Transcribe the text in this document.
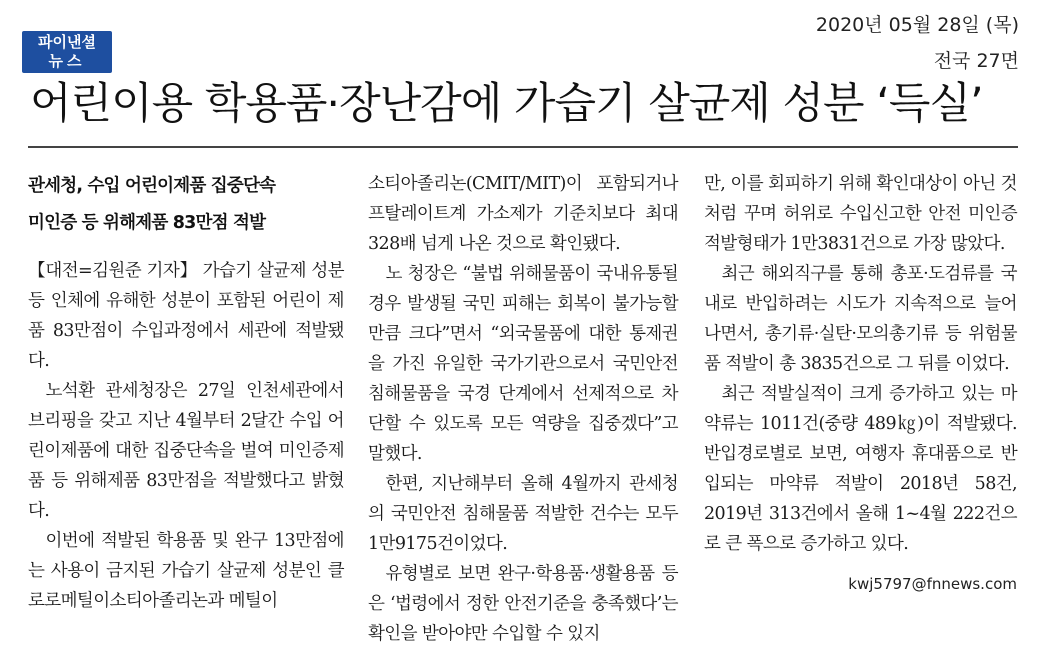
파이낸셜
뉴스
2020년 05월 28일 (목)
전국 27면
어린이용 학용품·장난감에 가습기 살균제 성분 ‘득실’
관세청, 수입 어린이제품 집중단속
미인증 등 위해제품 83만점 적발

【대전=김원준 기자】 가습기 살균제 성분 등 인체에 유해한 성분이 포함된 어린이 제품 83만점이 수입과정에서 세관에 적발됐다.

노석환 관세청장은 27일 인천세관에서 브리핑을 갖고 지난 4월부터 2달간 수입 어린이제품에 대한 집중단속을 벌여 미인증제품 등 위해제품 83만점을 적발했다고 밝혔다.

이번에 적발된 학용품 및 완구 13만점에는 사용이 금지된 가습기 살균제 성분인 클로로메틸이소티아졸리논과 메틸이

소티아졸리논(CMIT/MIT)이 포함되거나 프탈레이트계 가소제가 기준치보다 최대 328배 넘게 나온 것으로 확인됐다.

노 청장은 “불법 위해물품이 국내유통될 경우 발생될 국민 피해는 회복이 불가능할 만큼 크다”면서 “외국물품에 대한 통제권을 가진 유일한 국가기관으로서 국민안전 침해물품을 국경 단계에서 선제적으로 차단할 수 있도록 모든 역량을 집중겠다”고 말했다.

한편, 지난해부터 올해 4월까지 관세청의 국민안전 침해물품 적발한 건수는 모두 1만9175건이었다.

유형별로 보면 완구·학용품·생활용품 등은 ‘법령에서 정한 안전기준을 충족했다’는 확인을 받아야만 수입할 수 있지

만, 이를 회피하기 위해 확인대상이 아닌 것처럼 꾸며 허위로 수입신고한 안전 미인증 적발형태가 1만3831건으로 가장 많았다.

최근 해외직구를 통해 총포·도검류를 국내로 반입하려는 시도가 지속적으로 늘어나면서, 총기류·실탄·모의총기류 등 위험물품 적발이 총 3835건으로 그 뒤를 이었다.

최근 적발실적이 크게 증가하고 있는 마약류는 1011건(중량 489㎏)이 적발됐다. 반입경로별로 보면, 여행자 휴대품으로 반입되는 마약류 적발이 2018년 58건, 2019년 313건에서 올해 1~4월 222건으로 큰 폭으로 증가하고 있다.

kwj5797@fnnews.com
